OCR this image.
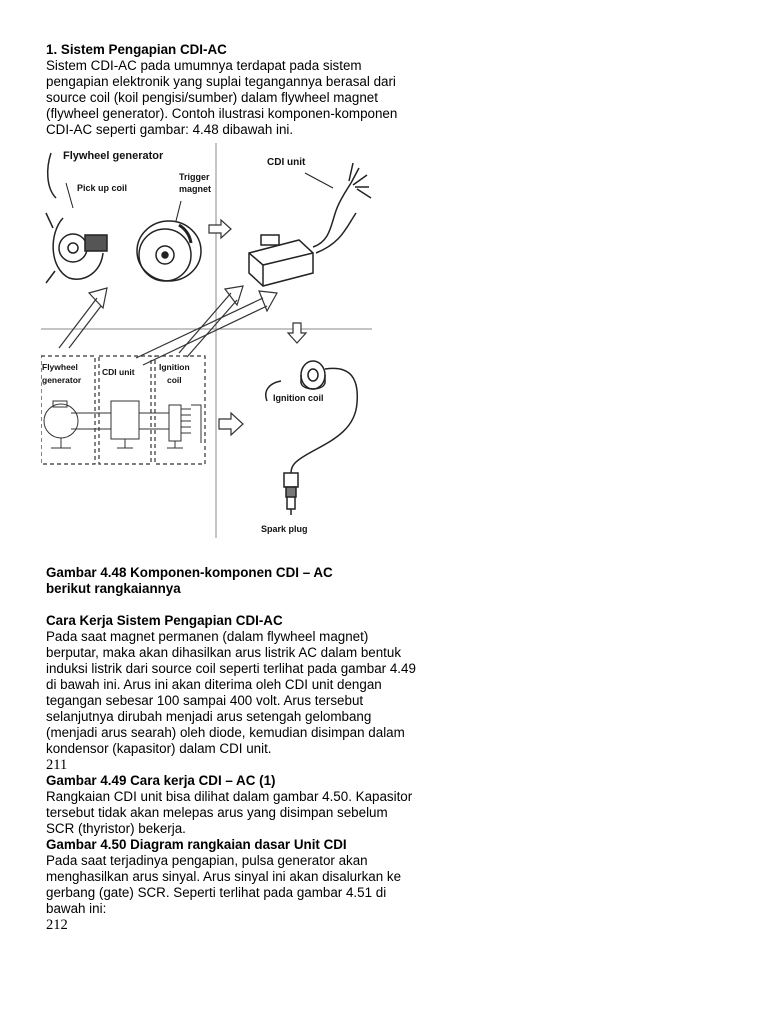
1. Sistem Pengapian CDI-AC

Sistem CDI-AC pada umumnya terdapat pada sistem

pengapian elektronik yang suplai tegangannya berasal dari

source coil (koil pengisi/sumber) dalam flywheel magnet

(flywheel generator). Contoh ilustrasi komponen-komponen

CDI-AC seperti gambar: 4.48 dibawah ini.

Gambar 4.48 Komponen-komponen CDI – AC

berikut rangkaiannya

Cara Kerja Sistem Pengapian CDI-AC

Pada saat magnet permanen (dalam flywheel magnet)

berputar, maka akan dihasilkan arus listrik AC dalam bentuk

induksi listrik dari source coil seperti terlihat pada gambar 4.49

di bawah ini. Arus ini akan diterima oleh CDI unit dengan

tegangan sebesar 100 sampai 400 volt. Arus tersebut

selanjutnya dirubah menjadi arus setengah gelombang

(menjadi arus searah) oleh diode, kemudian disimpan dalam

kondensor (kapasitor) dalam CDI unit.

211

Gambar 4.49 Cara kerja CDI – AC (1)

Rangkaian CDI unit bisa dilihat dalam gambar 4.50. Kapasitor

tersebut tidak akan melepas arus yang disimpan sebelum

SCR (thyristor) bekerja.

Gambar 4.50 Diagram rangkaian dasar Unit CDI

Pada saat terjadinya pengapian, pulsa generator akan

menghasilkan arus sinyal. Arus sinyal ini akan disalurkan ke

gerbang (gate) SCR. Seperti terlihat pada gambar 4.51 di

bawah ini:

212

Flywheel generator
Pick up coil
Trigger
magnet
CDI unit
Flywheel
generator
CDI unit	Ignition
coil
Ignition coil
Spark plug
